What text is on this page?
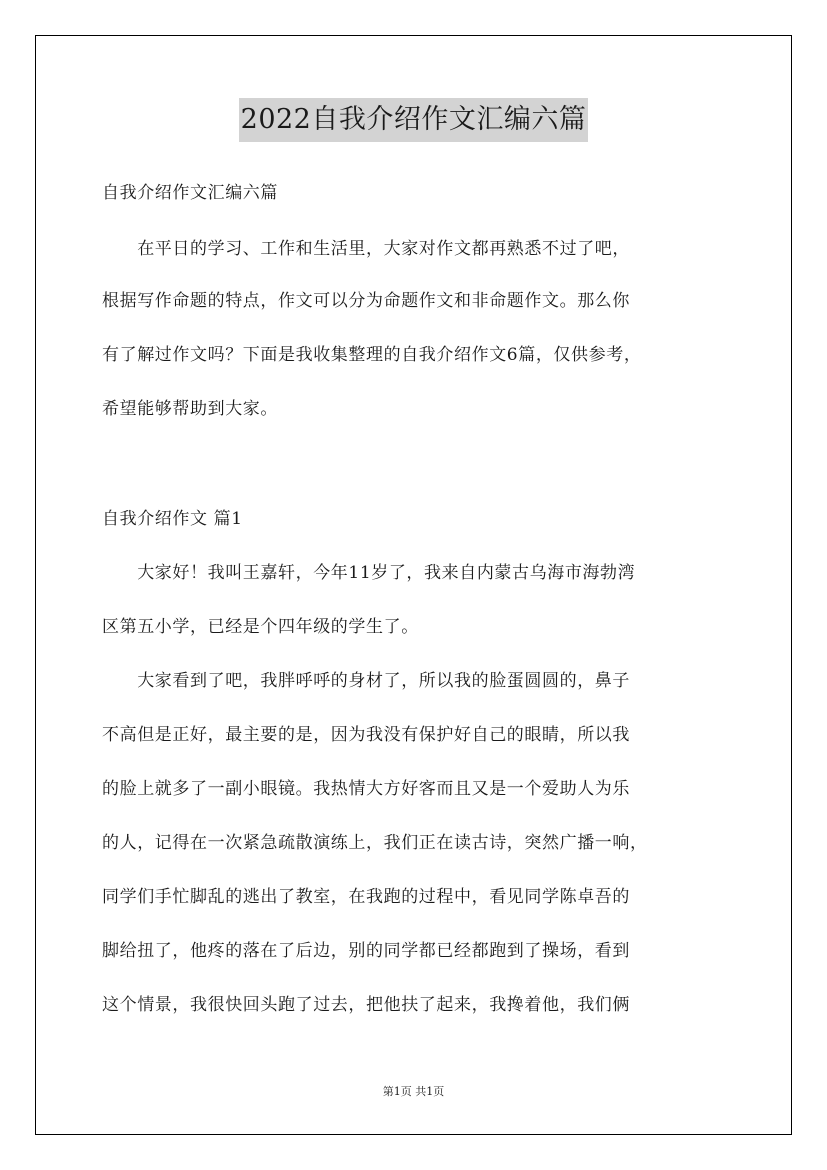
2022自我介绍作文汇编六篇
自我介绍作文汇编六篇
　　在平日的学习、工作和生活里，大家对作文都再熟悉不过了吧，
根据写作命题的特点，作文可以分为命题作文和非命题作文。那么你
有了解过作文吗？下面是我收集整理的自我介绍作文6篇，仅供参考，
希望能够帮助到大家。
自我介绍作文 篇1
　　大家好！我叫王嘉轩，今年11岁了，我来自内蒙古乌海市海勃湾
区第五小学，已经是个四年级的学生了。
　　大家看到了吧，我胖呼呼的身材了，所以我的脸蛋圆圆的，鼻子
不高但是正好，最主要的是，因为我没有保护好自己的眼睛，所以我
的脸上就多了一副小眼镜。我热情大方好客而且又是一个爱助人为乐
的人，记得在一次紧急疏散演练上，我们正在读古诗，突然广播一响，
同学们手忙脚乱的逃出了教室，在我跑的过程中，看见同学陈卓吾的
脚给扭了，他疼的落在了后边，别的同学都已经都跑到了操场，看到
这个情景，我很快回头跑了过去，把他扶了起来，我搀着他，我们俩
第1页 共1页
